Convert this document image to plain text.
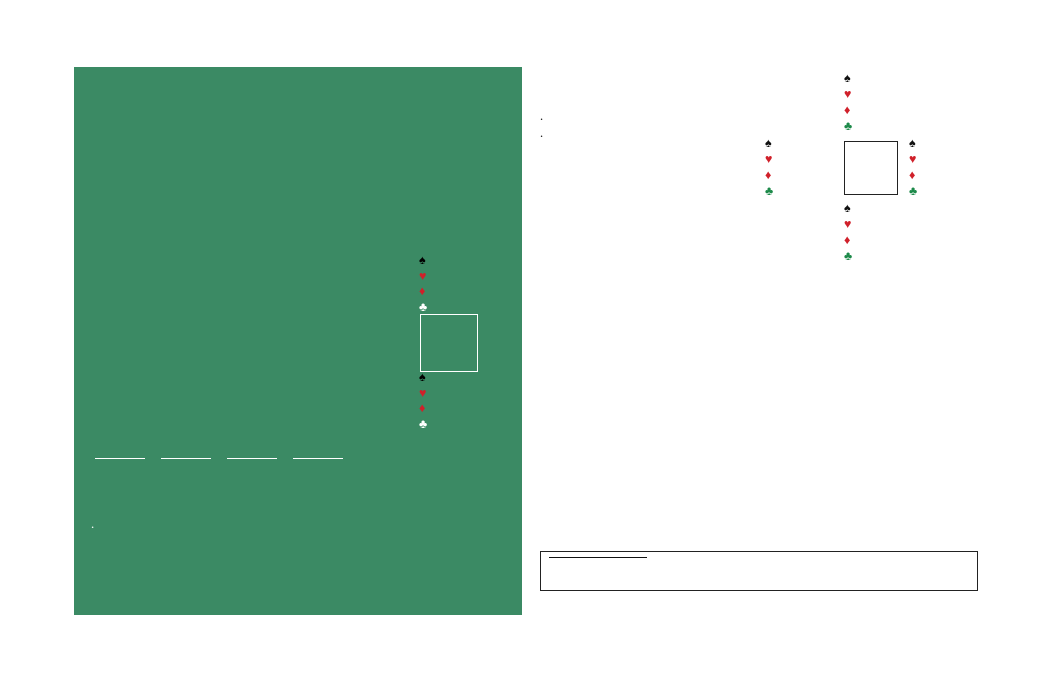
♠
♥
♦
♣
♠
♥
♦
♣
.
.
.
♠
♥
♦
♣
♠
♥
♦
♣
♠
♥
♦
♣
♠
♥
♦
♣
